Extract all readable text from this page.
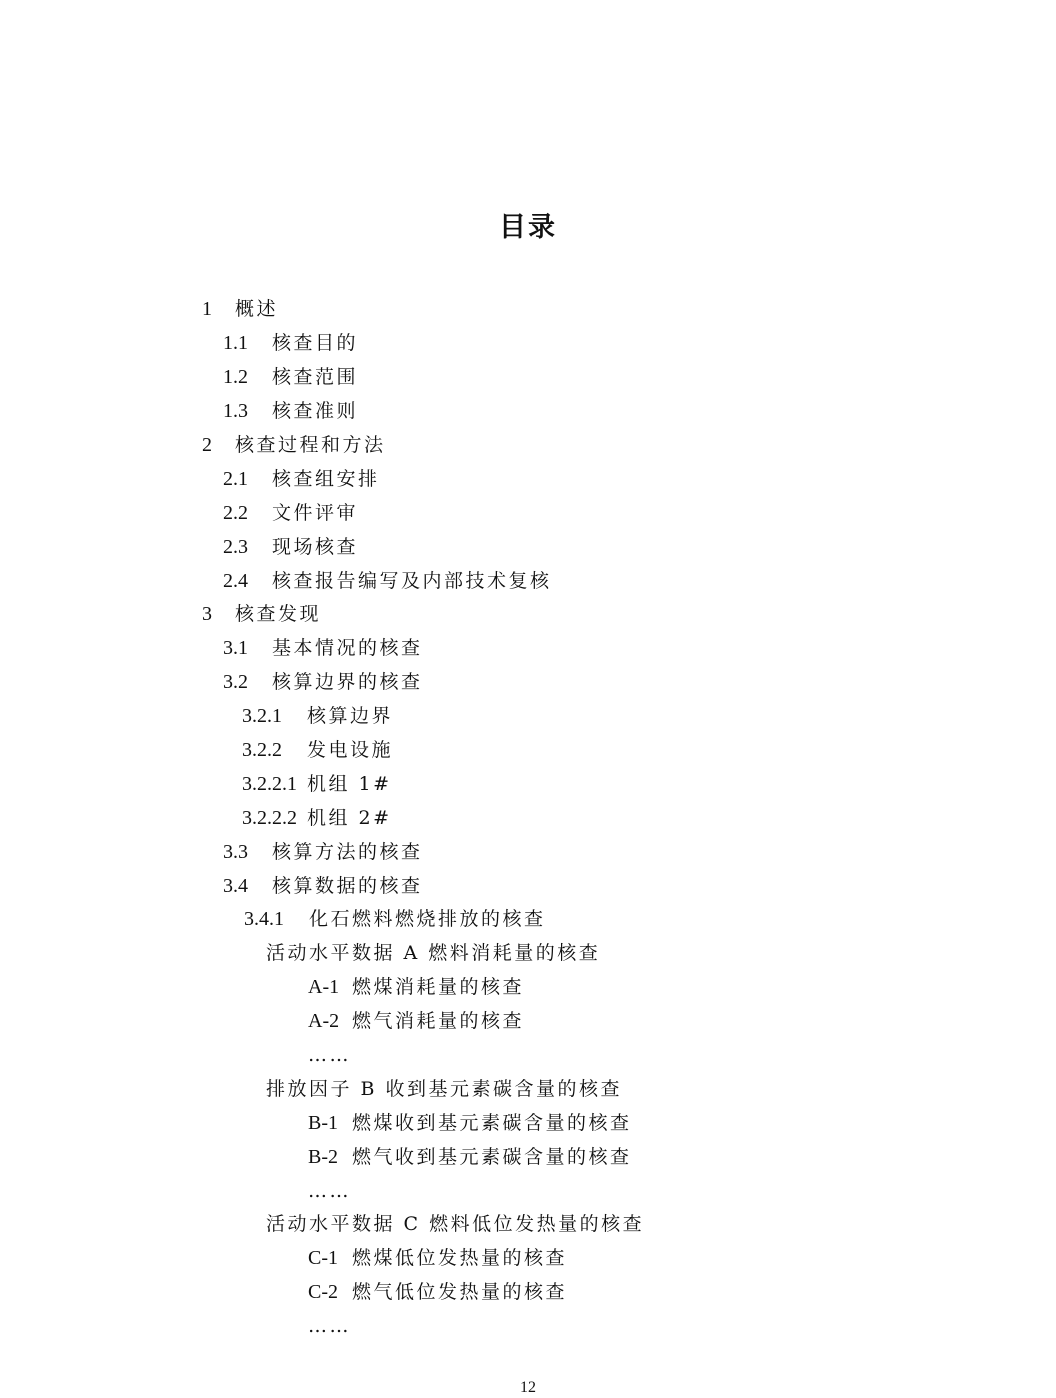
目录
1 概述
1.1 核查目的
1.2 核查范围
1.3 核查准则
2 核查过程和方法
2.1 核查组安排
2.2 文件评审
2.3 现场核查
2.4 核查报告编写及内部技术复核
3 核查发现
3.1 基本情况的核查
3.2 核算边界的核查
3.2.1 核算边界
3.2.2 发电设施
3.2.2.1 机组 1#
3.2.2.2 机组 2#
3.3 核算方法的核查
3.4 核算数据的核查
3.4.1 化石燃料燃烧排放的核查
活动水平数据 A 燃料消耗量的核查
A-1 燃煤消耗量的核查
A-2 燃气消耗量的核查
……
排放因子 B 收到基元素碳含量的核查
B-1 燃煤收到基元素碳含量的核查
B-2 燃气收到基元素碳含量的核查
……
活动水平数据 C 燃料低位发热量的核查
C-1 燃煤低位发热量的核查
C-2 燃气低位发热量的核查
……
12
